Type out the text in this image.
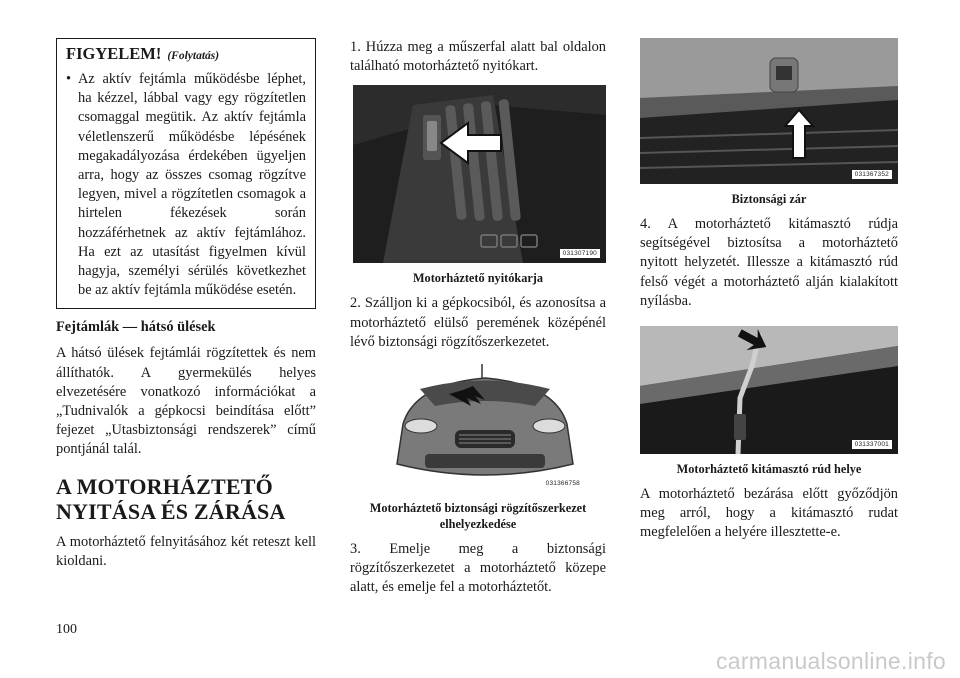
FIGYELEM! (Folytatás)
• Az aktív fejtámla működésbe léphet, ha kézzel, lábbal vagy egy rögzítetlen csomaggal megütik. Az aktív fejtámla véletlenszerű működésbe lépésének megakadályozása érdekében ügyeljen arra, hogy az összes csomag rögzítve legyen, mivel a rögzítetlen csomagok a hirtelen fékezések során hozzáférhetnek az aktív fejtámlához. Ha ezt az utasítást figyelmen kívül hagyja, személyi sérülés következhet be az aktív fejtámla működése esetén.

Fejtámlák — hátsó ülések

A hátsó ülések fejtámlái rögzítettek és nem állíthatók. A gyermekülés helyes elvezetésére vonatkozó információkat a „Tudnivalók a gépkocsi beindítása előtt” fejezet „Utasbiztonsági rendszerek” című pontjánál talál.

A MOTORHÁZTETŐ
NYITÁSA ÉS ZÁRÁSA

A motorháztető felnyitásához két reteszt kell kioldani.

1. Húzza meg a műszerfal alatt bal oldalon található motorháztető nyitókart.

031307190
Motorháztető nyitókarja

2. Szálljon ki a gépkocsiból, és azonosítsa a motorháztető elülső peremének középénél lévő biztonsági rögzítőszerkezetet.

031366758
Motorháztető biztonsági rögzítőszerkezet elhelyezkedése

3. Emelje meg a biztonsági rögzítőszerkezetet a motorháztető közepe alatt, és emelje fel a motorháztetőt.

031367352
Biztonsági zár

4. A motorháztető kitámasztó rúdja segítségével biztosítsa a motorháztető nyitott helyzetét. Illessze a kitámasztó rúd felső végét a motorháztető alján kialakított nyílásba.

031337001
Motorháztető kitámasztó rúd helye

A motorháztető bezárása előtt győződjön meg arról, hogy a kitámasztó rudat megfelelően a helyére illesztette-e.

100
carmanualsonline.info
